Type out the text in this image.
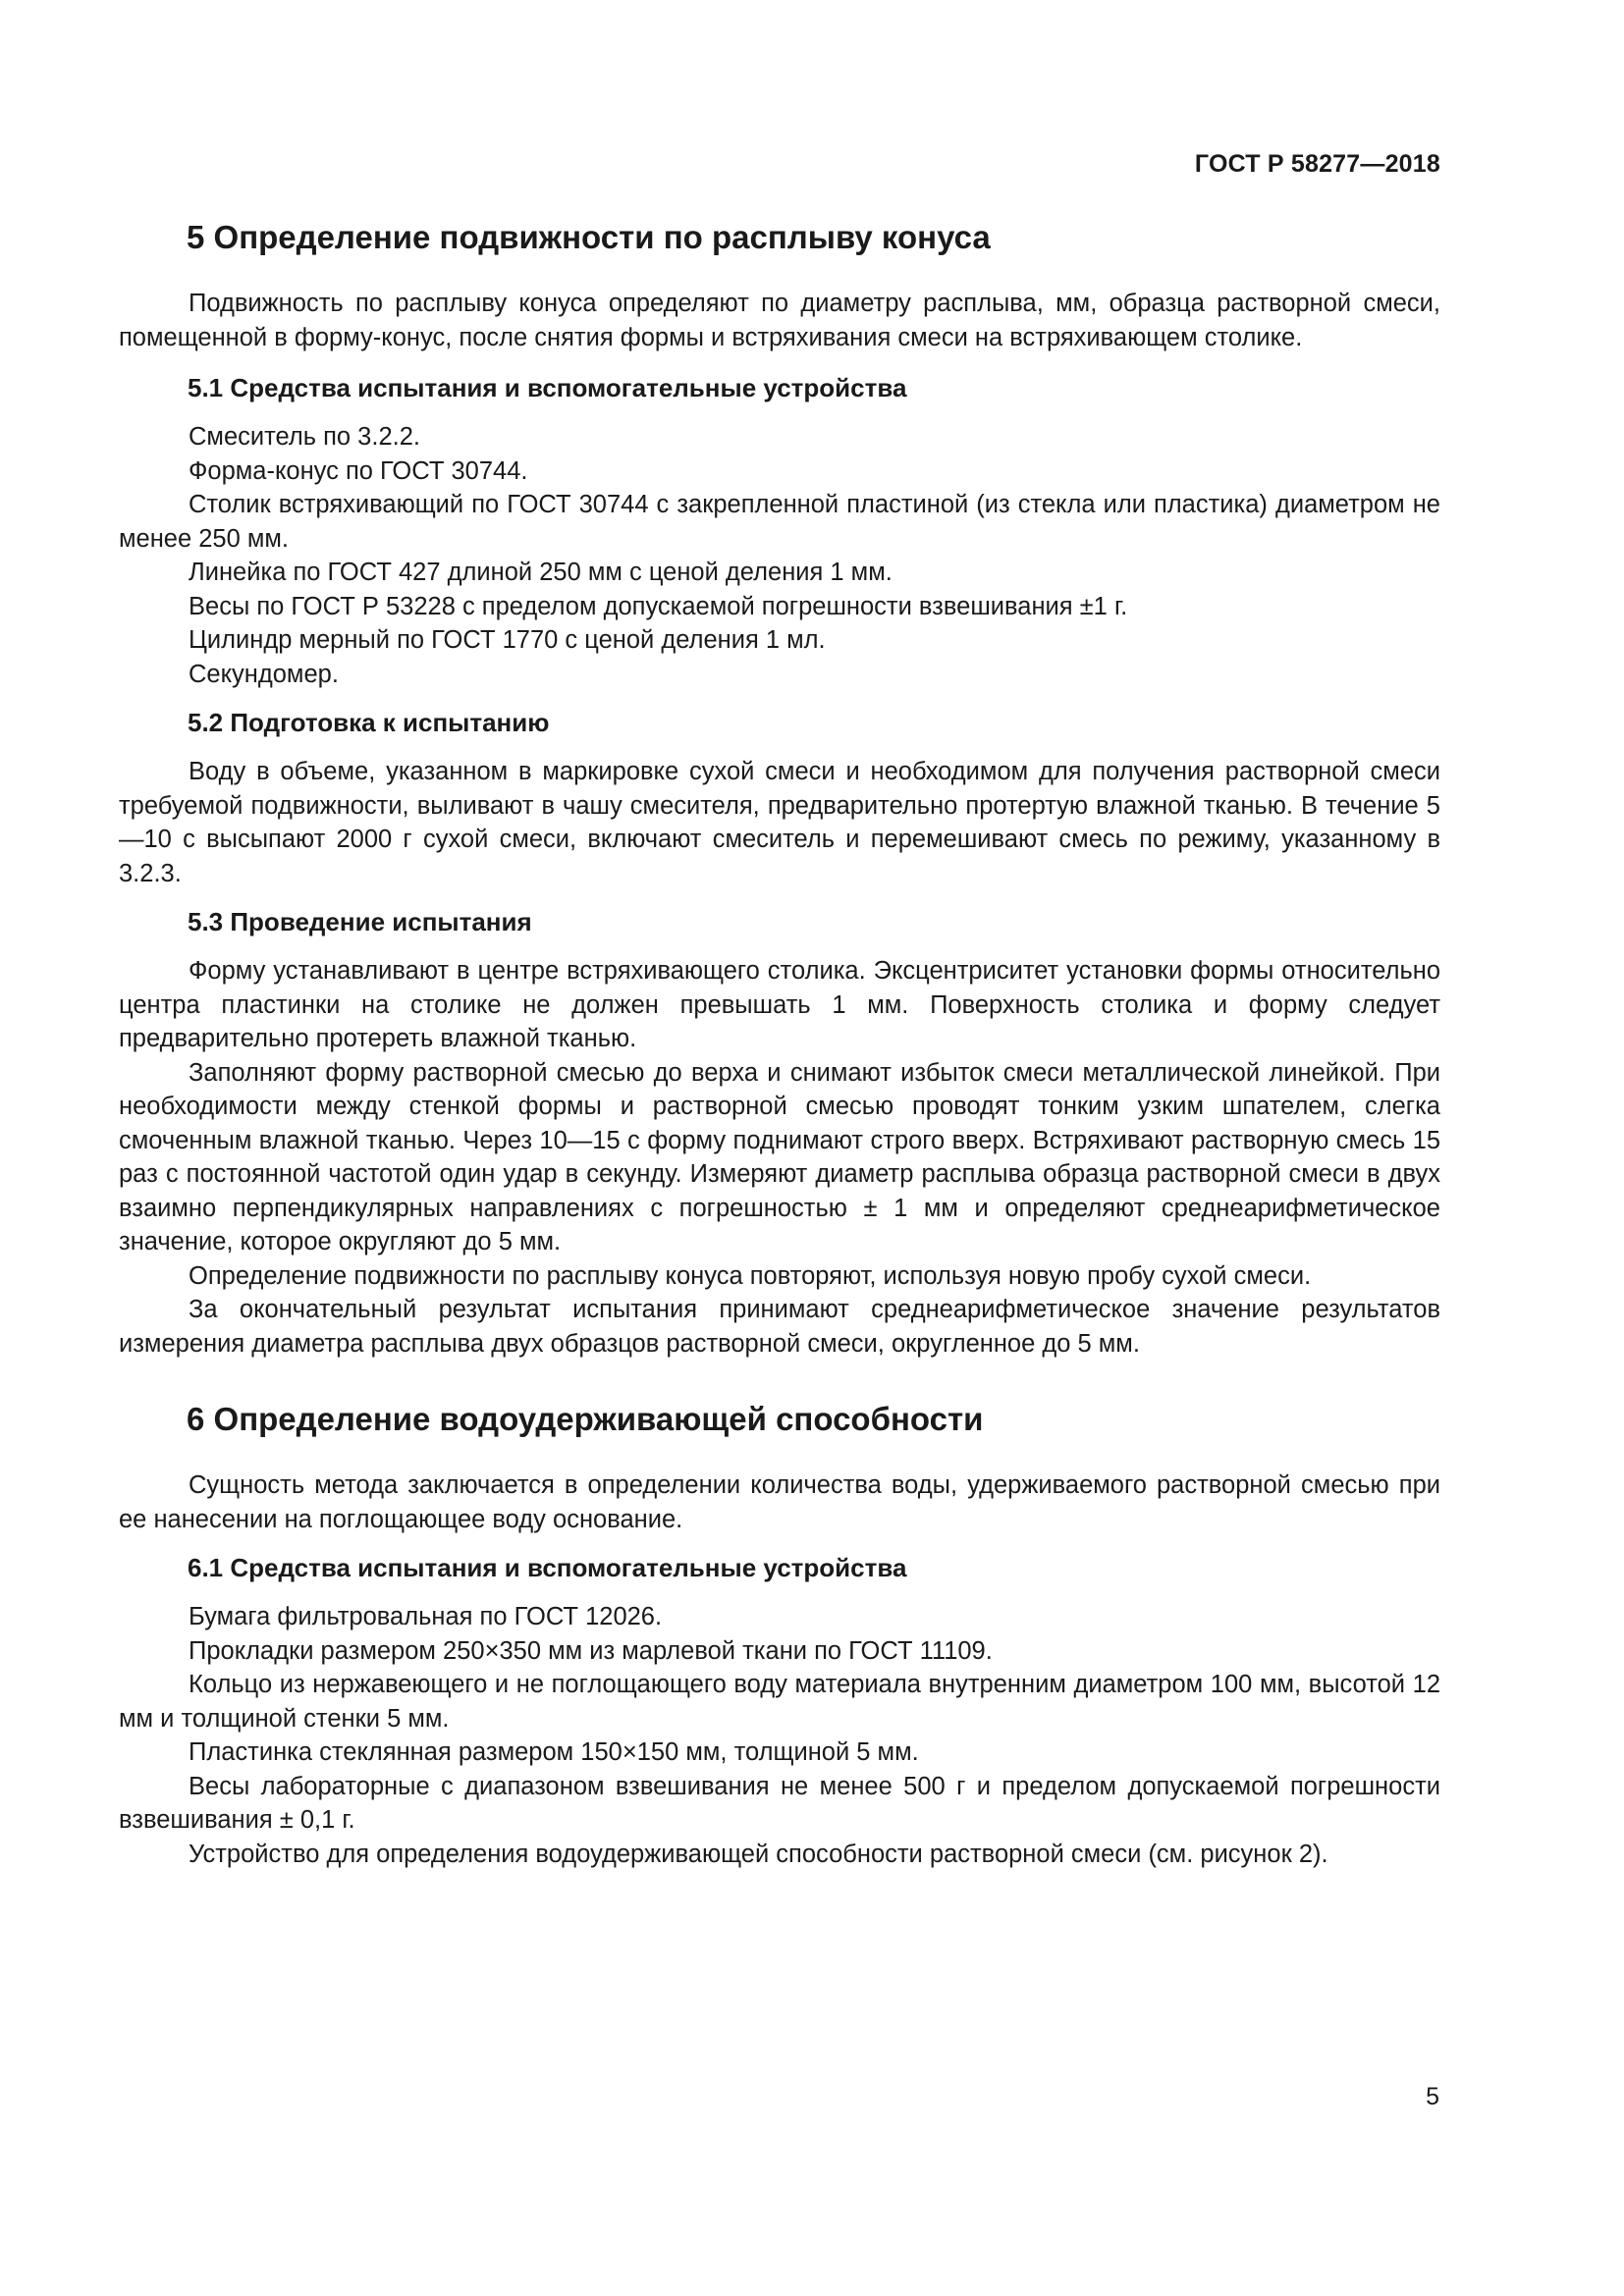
ГОСТ Р 58277—2018
5 Определение подвижности по расплыву конуса

Подвижность по расплыву конуса определяют по диаметру расплыва, мм, образца растворной смеси, помещенной в форму-конус, после снятия формы и встряхивания смеси на встряхивающем столике.

5.1 Средства испытания и вспомогательные устройства

Смеситель по 3.2.2.

Форма-конус по ГОСТ 30744.

Столик встряхивающий по ГОСТ 30744 с закрепленной пластиной (из стекла или пластика) диаметром не менее 250 мм.

Линейка по ГОСТ 427 длиной 250 мм с ценой деления 1 мм.

Весы по ГОСТ Р 53228 с пределом допускаемой погрешности взвешивания ±1 г.

Цилиндр мерный по ГОСТ 1770 с ценой деления 1 мл.

Секундомер.

5.2 Подготовка к испытанию

Воду в объеме, указанном в маркировке сухой смеси и необходимом для получения растворной смеси требуемой подвижности, выливают в чашу смесителя, предварительно протертую влажной тканью. В течение 5—10 с высыпают 2000 г сухой смеси, включают смеситель и перемешивают смесь по режиму, указанному в 3.2.3.

5.3 Проведение испытания

Форму устанавливают в центре встряхивающего столика. Эксцентриситет установки формы относительно центра пластинки на столике не должен превышать 1 мм. Поверхность столика и форму следует предварительно протереть влажной тканью.

Заполняют форму растворной смесью до верха и снимают избыток смеси металлической линейкой. При необходимости между стенкой формы и растворной смесью проводят тонким узким шпателем, слегка смоченным влажной тканью. Через 10—15 с форму поднимают строго вверх. Встряхивают растворную смесь 15 раз с постоянной частотой один удар в секунду. Измеряют диаметр расплыва образца растворной смеси в двух взаимно перпендикулярных направлениях с погрешностью ± 1 мм и определяют среднеарифметическое значение, которое округляют до 5 мм.

Определение подвижности по расплыву конуса повторяют, используя новую пробу сухой смеси.

За окончательный результат испытания принимают среднеарифметическое значение результатов измерения диаметра расплыва двух образцов растворной смеси, округленное до 5 мм.

6 Определение водоудерживающей способности

Сущность метода заключается в определении количества воды, удерживаемого растворной смесью при ее нанесении на поглощающее воду основание.

6.1 Средства испытания и вспомогательные устройства

Бумага фильтровальная по ГОСТ 12026.

Прокладки размером 250×350 мм из марлевой ткани по ГОСТ 11109.

Кольцо из нержавеющего и не поглощающего воду материала внутренним диаметром 100 мм, высотой 12 мм и толщиной стенки 5 мм.

Пластинка стеклянная размером 150×150 мм, толщиной 5 мм.

Весы лабораторные с диапазоном взвешивания не менее 500 г и пределом допускаемой погрешности взвешивания ± 0,1 г.

Устройство для определения водоудерживающей способности растворной смеси (см. рисунок 2).

5
